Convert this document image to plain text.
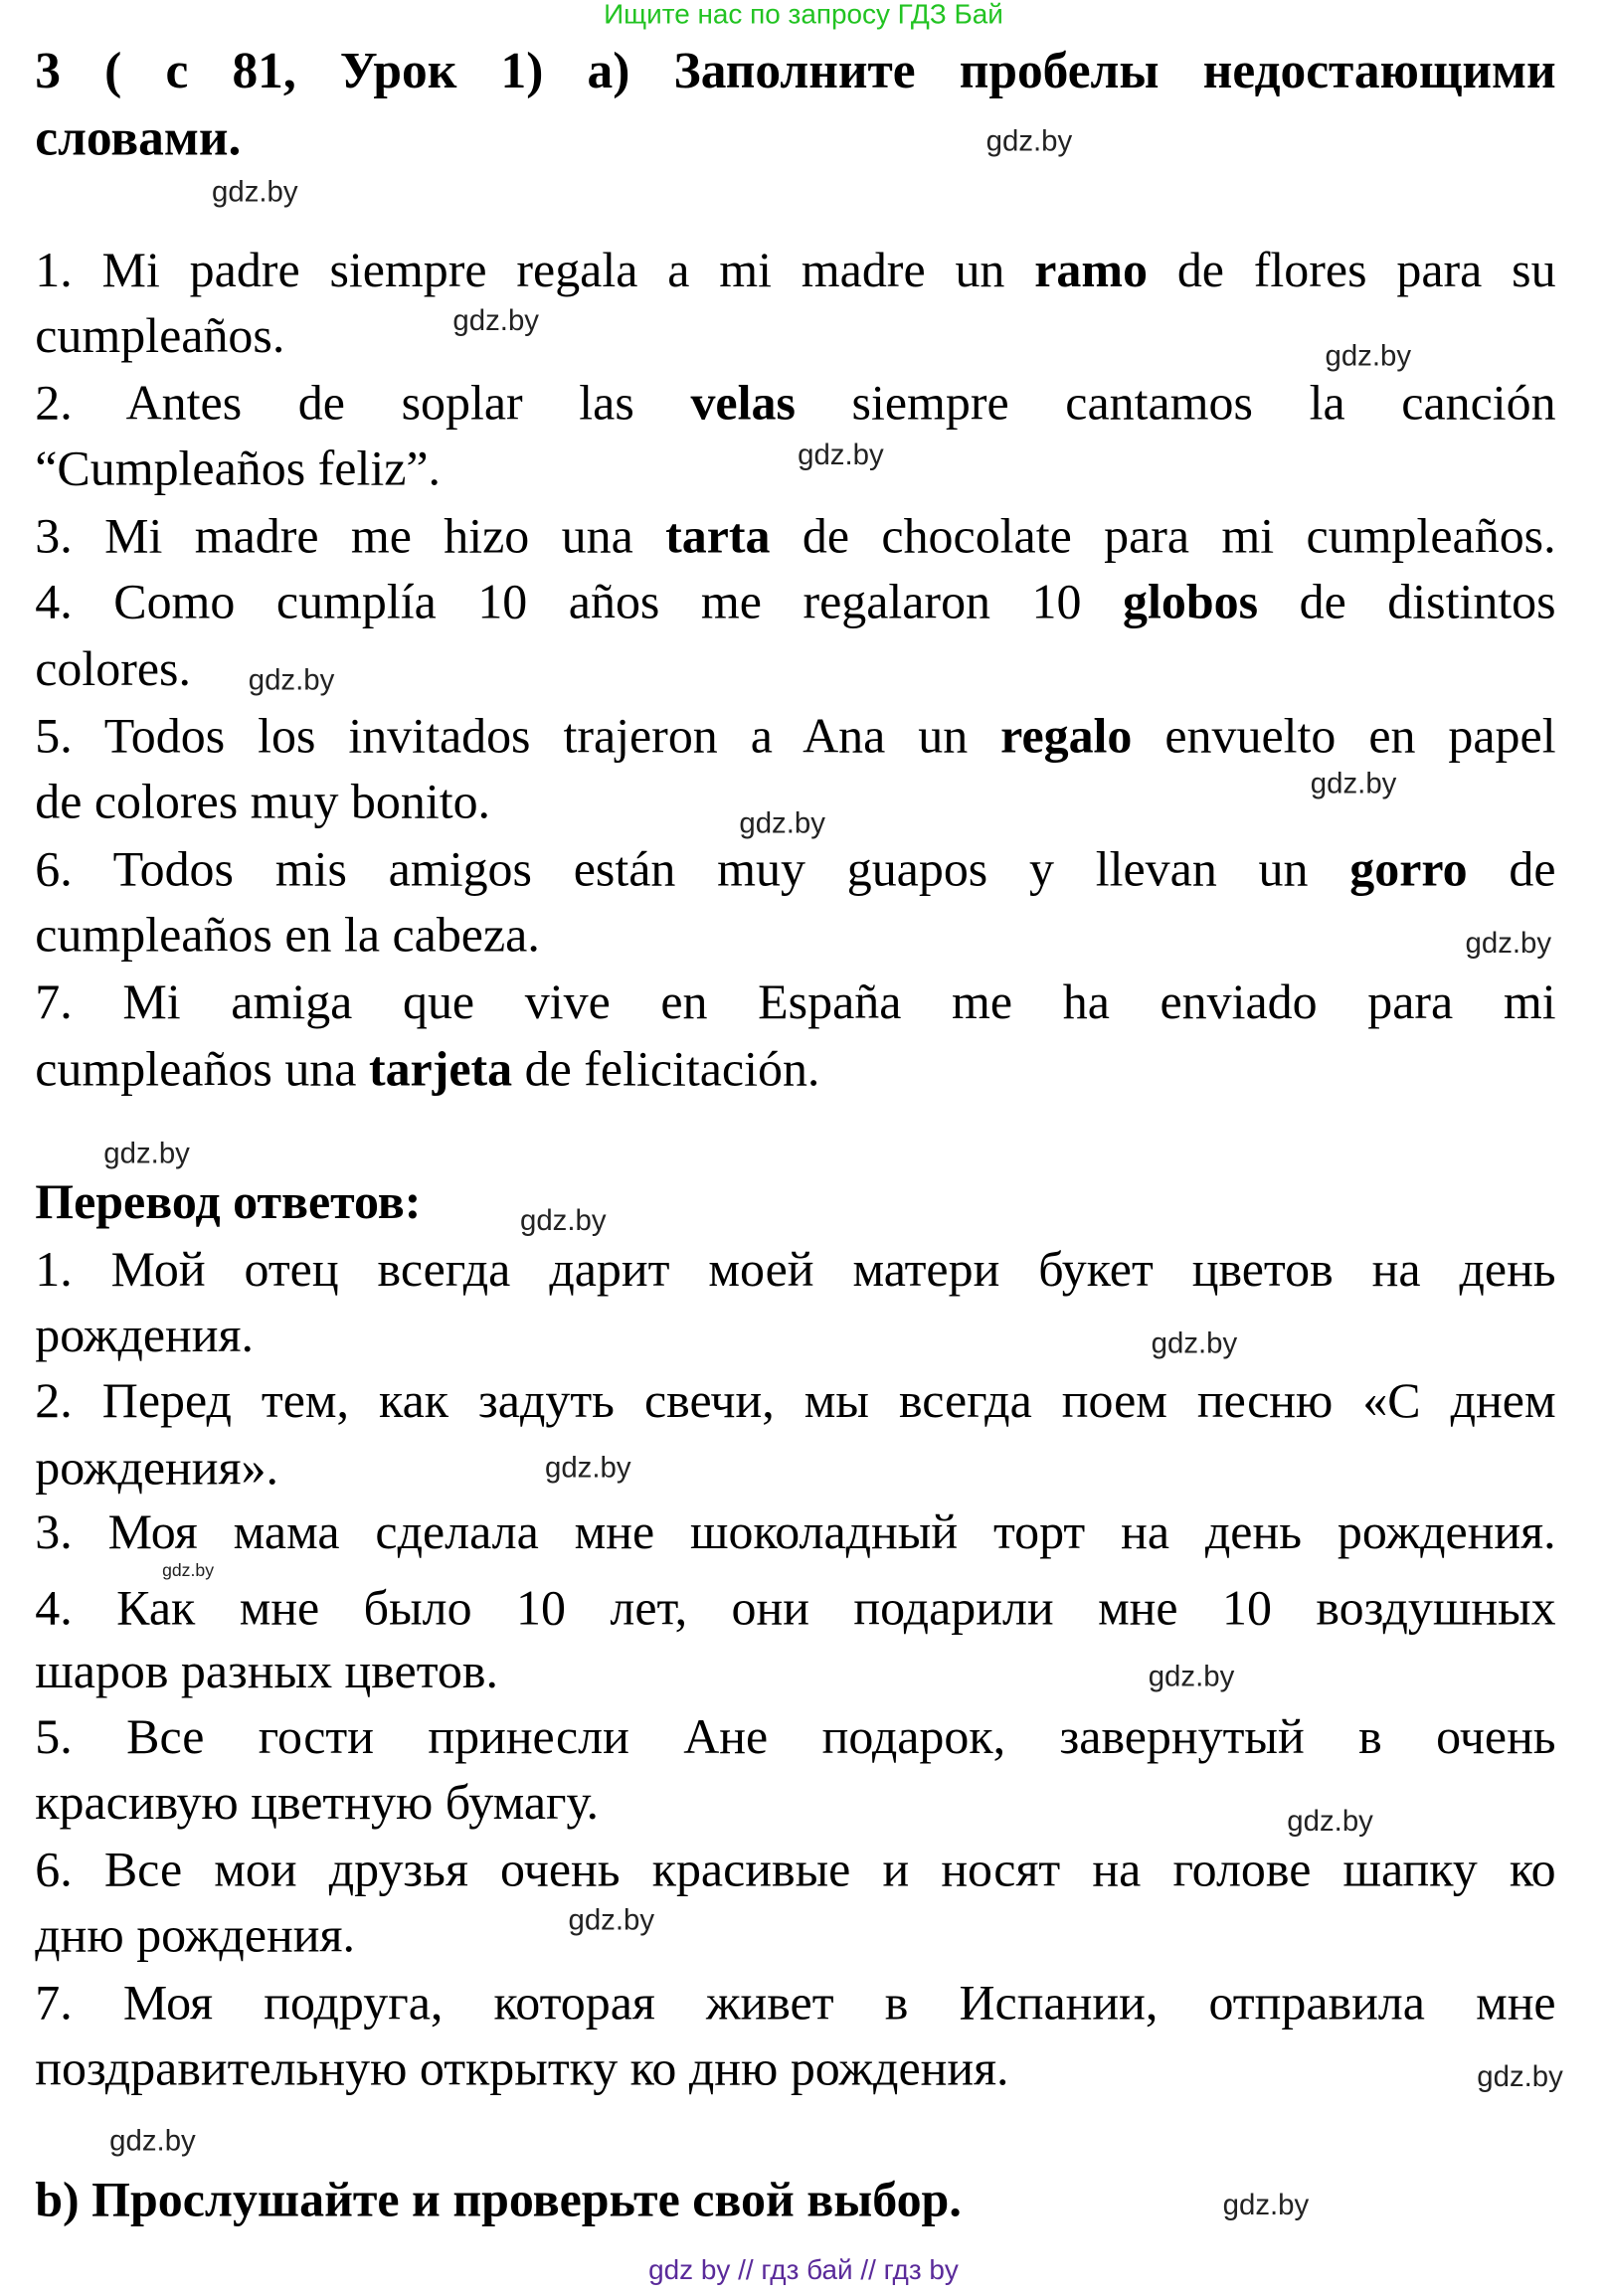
Ищите нас по запросу ГДЗ Бай
3 ( с 81, Урок 1) а) Заполните пробелы недостающими
словами.
1. Mi padre siempre regala a mi madre un ramo de flores para su
cumpleaños.
2. Antes de soplar las velas siempre cantamos la canción
“Cumpleaños feliz”.
3. Mi madre me hizo una tarta de chocolate para mi cumpleaños.
4. Como cumplía 10 años me regalaron 10 globos de distintos
colores.
5. Todos los invitados trajeron a Ana un regalo envuelto en papel
de colores muy bonito.
6. Todos mis amigos están muy guapos y llevan un gorro de
cumpleaños en la cabeza.
7. Mi amiga que vive en España me ha enviado para mi
cumpleaños una tarjeta de felicitación.
Перевод ответов:
1. Мой отец всегда дарит моей матери букет цветов на день
рождения.
2. Перед тем, как задуть свечи, мы всегда поем песню «С днем
рождения».
3. Моя мама сделала мне шоколадный торт на день рождения.
4. Как мне было 10 лет, они подарили мне 10 воздушных
шаров разных цветов.
5. Все гости принесли Ане подарок, завернутый в очень
красивую цветную бумагу.
6. Все мои друзья очень красивые и носят на голове шапку ко
дню рождения.
7. Моя подруга, которая живет в Испании, отправила мне
поздравительную открытку ко дню рождения.
b) Прослушайте и проверьте свой выбор.
gdz.by
gdz.by
gdz.by
gdz.by
gdz.by
gdz.by
gdz.by
gdz.by
gdz.by
gdz.by
gdz.by
gdz.by
gdz.by
gdz.by
gdz.by
gdz.by
gdz.by
gdz.by
gdz.by
gdz.by
gdz by // гдз бай // гдз by
